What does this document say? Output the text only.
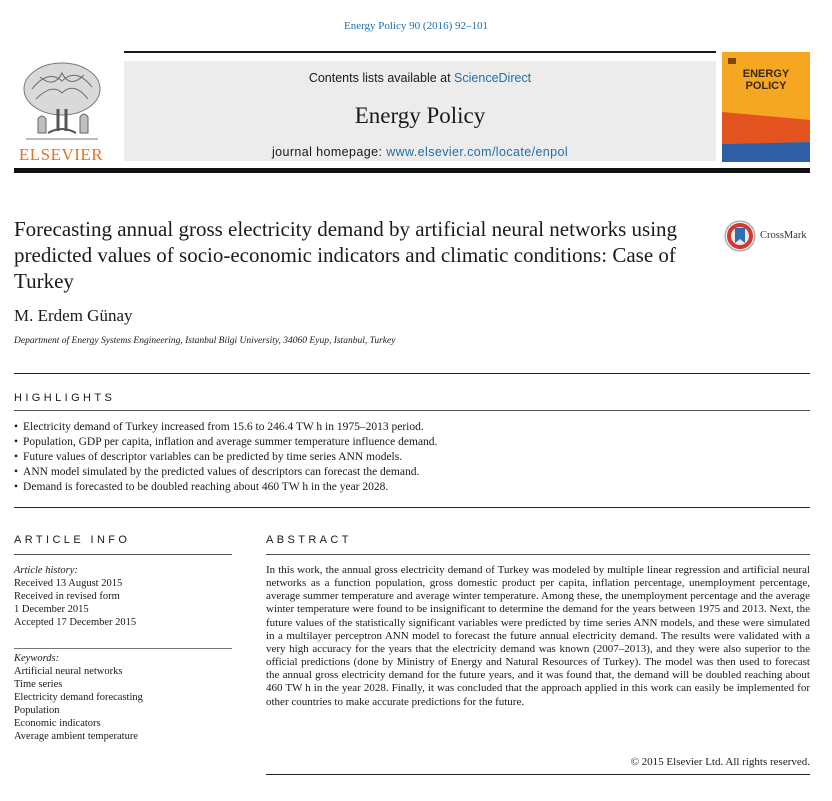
Energy Policy 90 (2016) 92–101
ELSEVIER
Contents lists available at ScienceDirect
Energy Policy
journal homepage: www.elsevier.com/locate/enpol
ENERGY
POLICY
Forecasting annual gross electricity demand by artificial neural networks using predicted values of socio-economic indicators and climatic conditions: Case of Turkey
CrossMark
M. Erdem Günay
Department of Energy Systems Engineering, Istanbul Bilgi University, 34060 Eyup, Istanbul, Turkey
HIGHLIGHTS
• Electricity demand of Turkey increased from 15.6 to 246.4 TW h in 1975–2013 period.
• Population, GDP per capita, inflation and average summer temperature influence demand.
• Future values of descriptor variables can be predicted by time series ANN models.
• ANN model simulated by the predicted values of descriptors can forecast the demand.
• Demand is forecasted to be doubled reaching about 460 TW h in the year 2028.
ARTICLE INFO	ABSTRACT
Article history:
Received 13 August 2015
Received in revised form
1 December 2015
Accepted 17 December 2015
Keywords:
Artificial neural networks
Time series
Electricity demand forecasting
Population
Economic indicators
Average ambient temperature

In this work, the annual gross electricity demand of Turkey was modeled by multiple linear regression and artificial neural networks as a function population, gross domestic product per capita, inflation percentage, unemployment percentage, average summer temperature and average winter temperature. Among these, the unemployment percentage and the average winter temperature were found to be insignificant to determine the demand for the years between 1975 and 2013. Next, the future values of the statistically significant variables were predicted by time series ANN models, and these were simulated in a multilayer perceptron ANN model to forecast the future annual electricity demand. The results were validated with a very high accuracy for the years that the electricity demand was known (2007–2013), and they were also superior to the official predictions (done by Ministry of Energy and Natural Resources of Turkey). The model was then used to forecast the annual gross electricity demand for the future years, and it was found that, the demand will be doubled reaching about 460 TW h in the year 2028. Finally, it was concluded that the approach applied in this work can easily be implemented for other countries to make accurate predictions for the future.

© 2015 Elsevier Ltd. All rights reserved.
